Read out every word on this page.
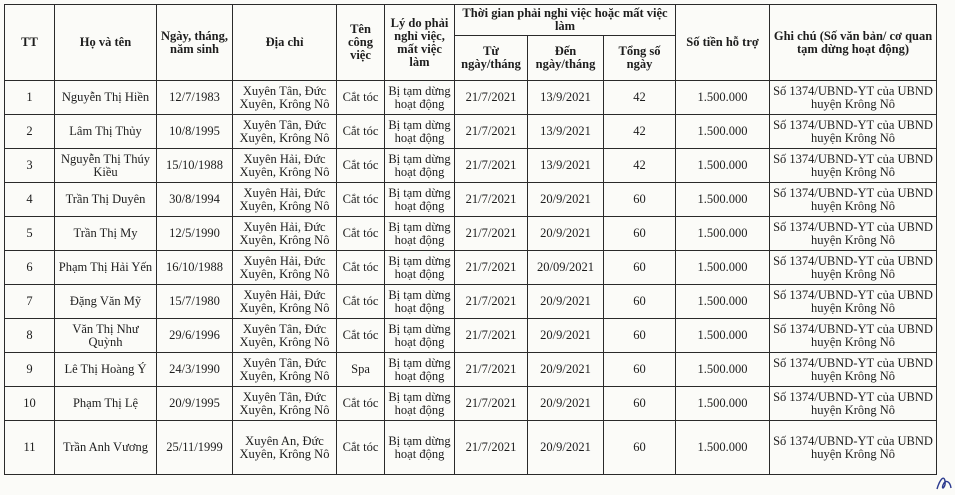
TT	Họ và tên	Ngày, tháng, năm sinh	Địa chỉ	Tên công việc	Lý do phải nghỉ việc, mất việc làm	Thời gian phải nghỉ việc hoặc mất việc làm			Số tiền hỗ trợ	Ghi chú (Số văn bản/ cơ quan tạm dừng hoạt động)
						Từ ngày/tháng	Đến ngày/tháng	Tổng số ngày		
1	Nguyễn Thị Hiền	12/7/1983	Xuyên Tân, Đức Xuyên, Krông Nô	Cắt tóc	Bị tạm dừng hoạt động	21/7/2021	13/9/2021	42	1.500.000	Số 1374/UBND-YT của UBND huyện Krông Nô
2	Lâm Thị Thủy	10/8/1995	Xuyên Tân, Đức Xuyên, Krông Nô	Cắt tóc	Bị tạm dừng hoạt động	21/7/2021	13/9/2021	42	1.500.000	Số 1374/UBND-YT của UBND huyện Krông Nô
3	Nguyễn Thị Thúy Kiều	15/10/1988	Xuyên Hải, Đức Xuyên, Krông Nô	Cắt tóc	Bị tạm dừng hoạt động	21/7/2021	13/9/2021	42	1.500.000	Số 1374/UBND-YT của UBND huyện Krông Nô
4	Trần Thị Duyên	30/8/1994	Xuyên Hải, Đức Xuyên, Krông Nô	Cắt tóc	Bị tạm dừng hoạt động	21/7/2021	20/9/2021	60	1.500.000	Số 1374/UBND-YT của UBND huyện Krông Nô
5	Trần Thị My	12/5/1990	Xuyên Hải, Đức Xuyên, Krông Nô	Cắt tóc	Bị tạm dừng hoạt động	21/7/2021	20/9/2021	60	1.500.000	Số 1374/UBND-YT của UBND huyện Krông Nô
6	Phạm Thị Hải Yến	16/10/1988	Xuyên Hải, Đức Xuyên, Krông Nô	Cắt tóc	Bị tạm dừng hoạt động	21/7/2021	20/09/2021	60	1.500.000	Số 1374/UBND-YT của UBND huyện Krông Nô
7	Đặng Văn Mỹ	15/7/1980	Xuyên Hải, Đức Xuyên, Krông Nô	Cắt tóc	Bị tạm dừng hoạt động	21/7/2021	20/9/2021	60	1.500.000	Số 1374/UBND-YT của UBND huyện Krông Nô
8	Văn Thị Như Quỳnh	29/6/1996	Xuyên Tân, Đức Xuyên, Krông Nô	Cắt tóc	Bị tạm dừng hoạt động	21/7/2021	20/9/2021	60	1.500.000	Số 1374/UBND-YT của UBND huyện Krông Nô
9	Lê Thị Hoàng Ý	24/3/1990	Xuyên Tân, Đức Xuyên, Krông Nô	Spa	Bị tạm dừng hoạt động	21/7/2021	20/9/2021	60	1.500.000	Số 1374/UBND-YT của UBND huyện Krông Nô
10	Phạm Thị Lệ	20/9/1995	Xuyên Tân, Đức Xuyên, Krông Nô	Cắt tóc	Bị tạm dừng hoạt động	21/7/2021	20/9/2021	60	1.500.000	Số 1374/UBND-YT của UBND huyện Krông Nô
11	Trần Anh Vương	25/11/1999	Xuyên An, Đức Xuyên, Krông Nô	Cắt tóc	Bị tạm dừng hoạt động	21/7/2021	20/9/2021	60	1.500.000	Số 1374/UBND-YT của UBND huyện Krông Nô
